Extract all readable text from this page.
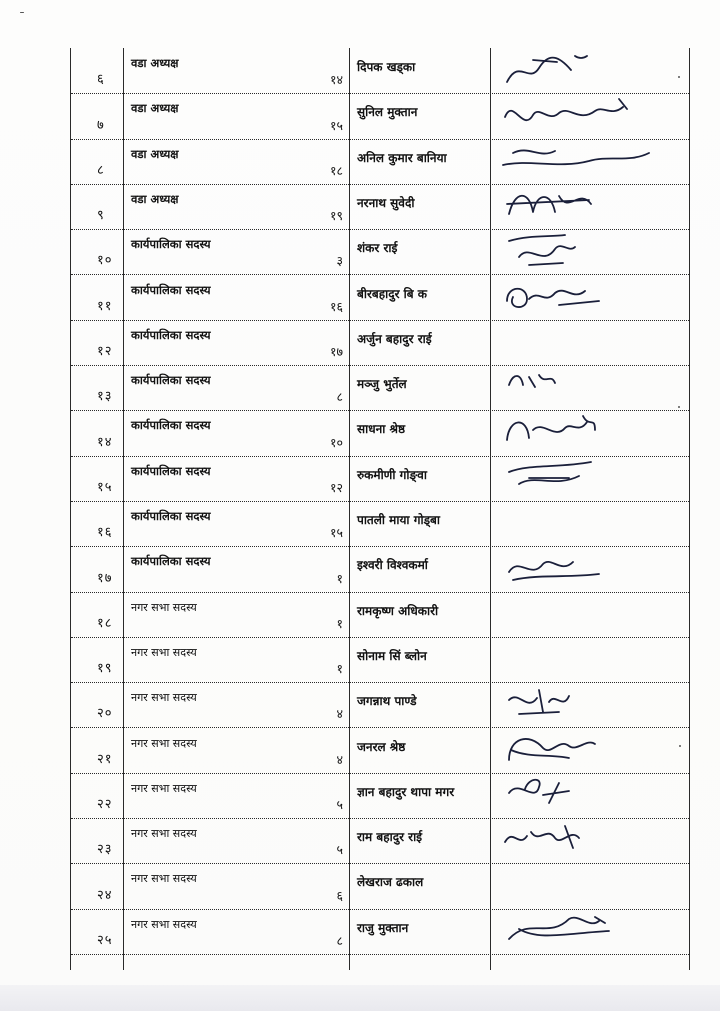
६
वडा अध्यक्ष
१४
दिपक खड्का
७
वडा अध्यक्ष
१५
सुनिल मुक्तान
८
वडा अध्यक्ष
१८
अनिल कुमार बानिया
९
वडा अध्यक्ष
१९
नरनाथ सुवेदी
१०
कार्यपालिका सदस्य
३
शंकर राई
११
कार्यपालिका सदस्य
१६
बीरबहादुर बि क
१२
कार्यपालिका सदस्य
१७
अर्जुन बहादुर राई
१३
कार्यपालिका सदस्य
८
मञ्जु भुर्तेल
१४
कार्यपालिका सदस्य
१०
साधना श्रेष्ठ
१५
कार्यपालिका सदस्य
१२
रुकमीणी गोङ्वा
१६
कार्यपालिका सदस्य
१५
पातली माया गोड्बा
१७
कार्यपालिका सदस्य
१
इश्वरी विश्वकर्मा
१८
नगर सभा सदस्य
१
रामकृष्ण अधिकारी
१९
नगर सभा सदस्य
१
सोनाम सिं ब्लोन
२०
नगर सभा सदस्य
४
जगन्नाथ पाण्डे
२१
नगर सभा सदस्य
४
जनरल श्रेष्ठ
२२
नगर सभा सदस्य
५
ज्ञान बहादुर थापा मगर
२३
नगर सभा सदस्य
५
राम बहादुर राई
२४
नगर सभा सदस्य
६
लेखराज ढकाल
२५
नगर सभा सदस्य
८
राजु मुक्तान
